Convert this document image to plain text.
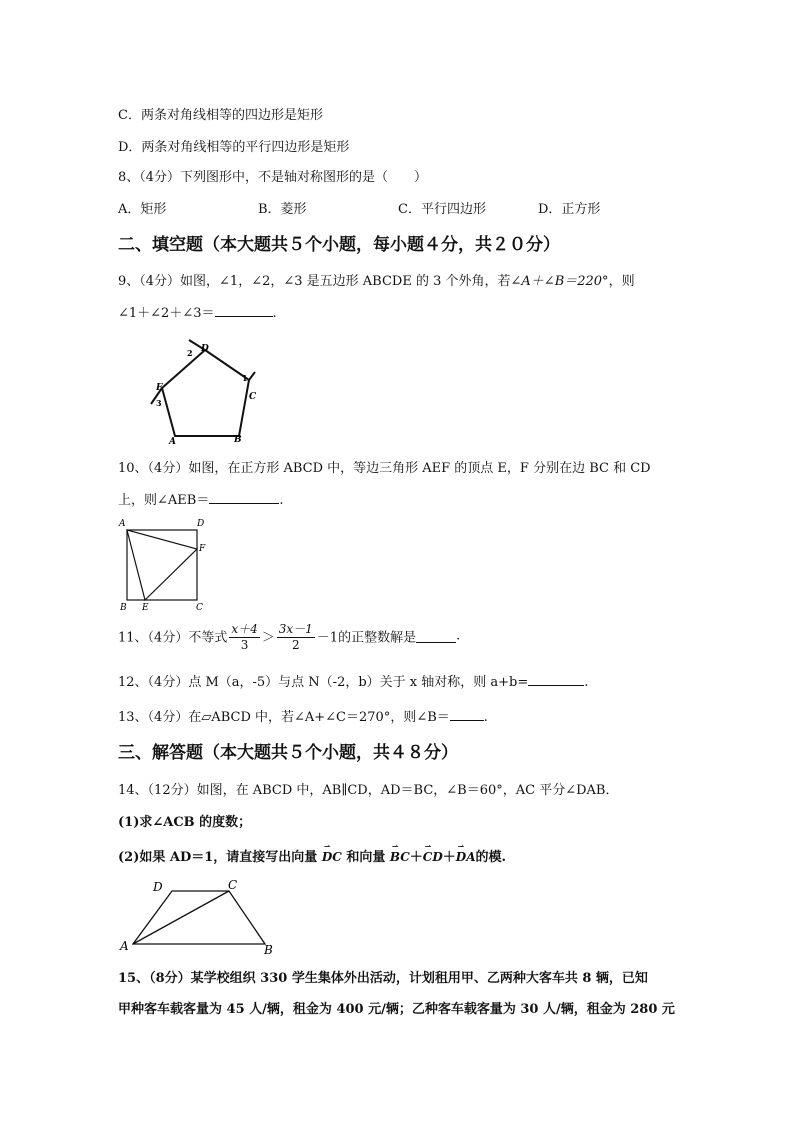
C．两条对角线相等的四边形是矩形
D．两条对角线相等的平行四边形是矩形
8、（4分）下列图形中，不是轴对称图形的是（　　）
A．矩形	B．菱形	C．平行四边形	D．正方形
二、填空题（本大题共５个小题，每小题４分，共２０分）
9、（4分）如图，∠1，∠2，∠3 是五边形 ABCDE 的 3 个外角，若∠A＋∠B＝220°，则
∠1＋∠2＋∠3＝	.
D
2
1
C
E
3
A	B
10、（4分）如图，在正方形 ABCD 中，等边三角形 AEF 的顶点 E，F 分别在边 BC 和 CD
上，则∠AEB＝	.
A	D
F
B E	C
11、（4分）不等式 $\frac{x+4}{3} > \frac{3x-1}{2} -1$的正整数解是	.
12、（4分）点 M（a，-5）与点 N（-2，b）关于 x 轴对称，则 a+b=	.
13、（4分）在▱ABCD 中，若∠A+∠C＝270°，则∠B＝	.
三、解答题（本大题共５个小题，共４８分）
14、（12分）如图，在 ABCD 中，AB∥CD，AD＝BC，∠B＝60°，AC 平分∠DAB．
(1)求∠ACB 的度数；
(2)如果 AD＝1，请直接写出向量 ⇀ DC 和向量 ⇀ BC＋⇀ CD＋⇀ DA的模.
D	C
A	B
15、（8分）某学校组织 330 学生集体外出活动，计划租用甲、乙两种大客车共 8 辆，已知
甲种客车载客量为 45 人/辆，租金为 400 元/辆；乙种客车载客量为 30 人/辆，租金为 280 元
